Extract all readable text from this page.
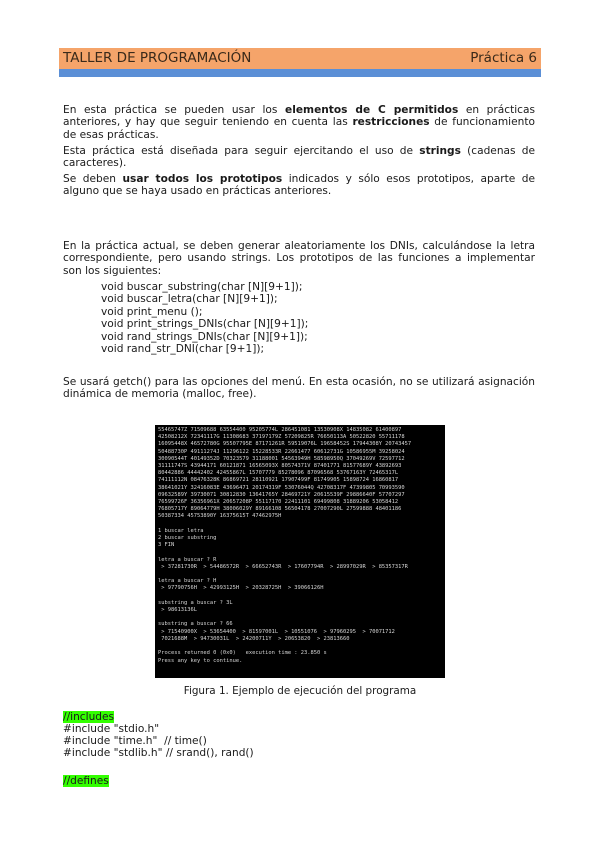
TALLER DE PROGRAMACIÓN	Práctica 6
En esta práctica se pueden usar los elementos de C permitidos en prácticas anteriores, y hay que seguir teniendo en cuenta las restricciones de funcionamiento de esas prácticas.
Esta práctica está diseñada para seguir ejercitando el uso de strings (cadenas de caracteres).
Se deben usar todos los prototipos indicados y sólo esos prototipos, aparte de alguno que se haya usado en prácticas anteriores.
En la práctica actual, se deben generar aleatoriamente los DNIs, calculándose la letra correspondiente, pero usando strings. Los prototipos de las funciones a implementar son los siguientes:
void buscar_substring(char [N][9+1]);
void buscar_letra(char [N][9+1]);
void print_menu ();
void print_strings_DNIs(char [N][9+1]);
void rand_strings_DNIs(char [N][9+1]);
void rand_str_DNI(char [9+1]);
Se usará getch() para las opciones del menú. En esta ocasión, no se utilizará asignación dinámica de memoria (malloc, free).
55465747Z 71509688 63554400 95205774L 286451081 13530908X 14835082 61400897
42508212X 72341117G 11308683 37197179Z 57209825R 76650113A 50522820 55711178
16095448X 46572780G 95507795E 87171261R 59519076L 19658452S 17944308Y 20743457
50488730P 49111274J 11296122 15228533R 22661477 60612731G 10586955M 39258024
30090544T 40149352D 70323579 31188001 54563949H 58598950Q 37049269V 72597712
31111747S 43944171 60121871 16565093X 80574371V 87401771 81577689Y 43892693
80442886 44442402 42455867L 15707779 85278096 87096568 53767163Y 72465317L
74111112N 08476328K 86869721 28110921 17907499F 81749905 15898724 16860817
38641021Y 32416083E 43696471 20174319F 53076044Q 42708317F 47399805 70993590
09632589Y 39730071 30812830 13641765Y 28469721Y 20615539F 29886640F 57707297
76599726F 36356961X 20657208P 55117170 22411101 69499808 31889206 53058412
76805717Y 89064779H 38006029Y 89166108 56504178 27007290L 27599888 48401186
50387334 45753890Y 16375615T 47462975H

1 buscar letra
2 buscar substring
3 FIN

letra a buscar ? R
> 37281730R  > 54486572R  > 66652743R  > 17607794R  > 28997029R  > 85357317R

letra a buscar ? H
> 97790756H  > 42993125H  > 20328725H  > 39066126H

substring a buscar ? 3L
> 98613136L

substring a buscar ? 66
> 71540900X  > 53654400  > 81597001L  > 10551076  > 97960295  > 70071712
7021688M  > 94730031L  > 24200711Y  > 20653820  > 23813660

Process returned 0 (0x0)   execution time : 23.850 s
Press any key to continue.
Figura 1. Ejemplo de ejecución del programa
//includes
#include "stdio.h"
#include "time.h"  // time()
#include "stdlib.h" // srand(), rand()
//defines
